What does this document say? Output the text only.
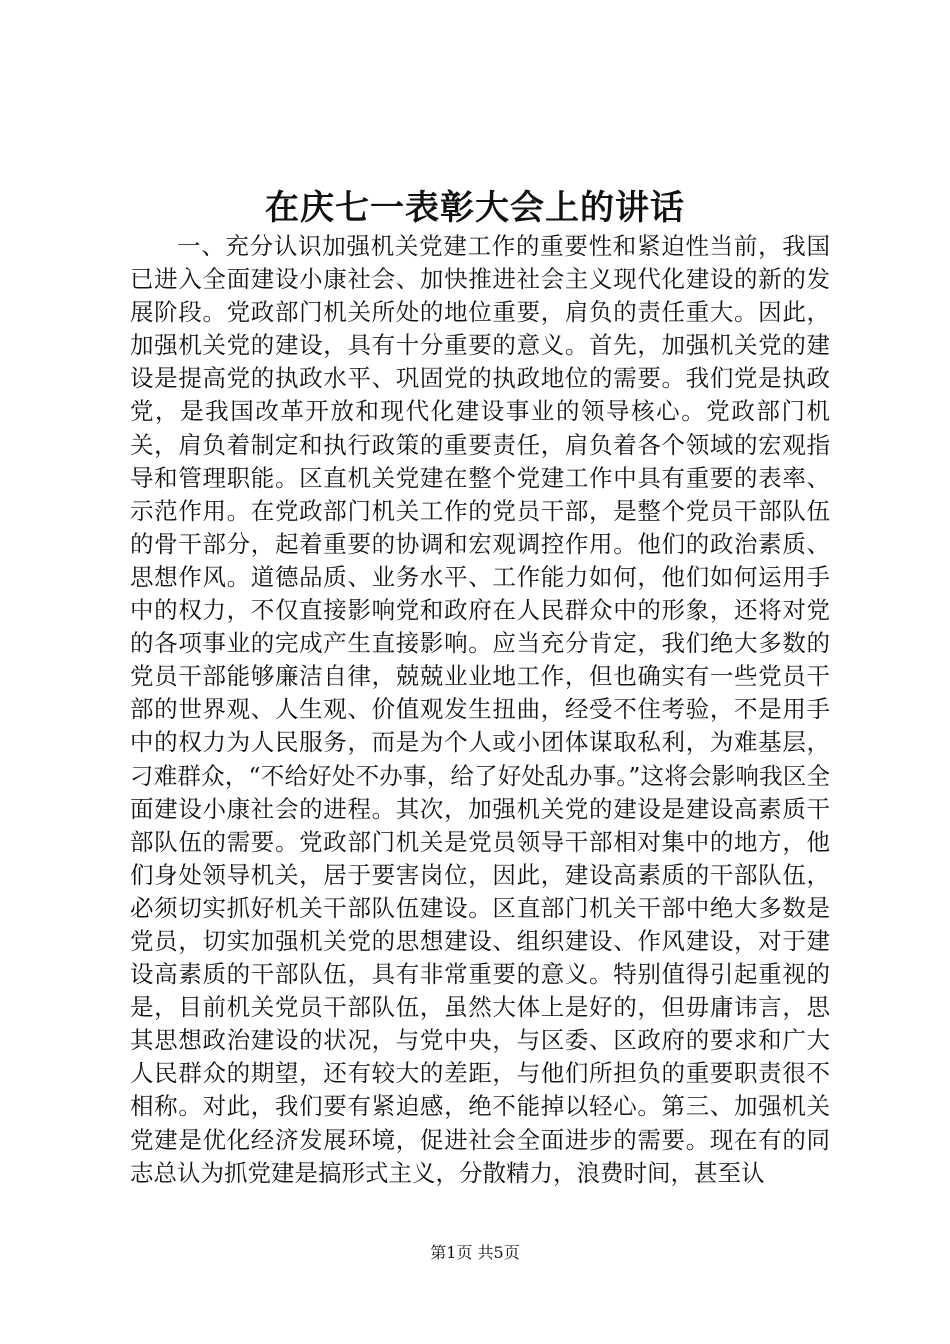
在庆七一表彰大会上的讲话

一、充分认识加强机关党建工作的重要性和紧迫性当前，我国已进入全面建设小康社会、加快推进社会主义现代化建设的新的发展阶段。党政部门机关所处的地位重要，肩负的责任重大。因此，加强机关党的建设，具有十分重要的意义。首先，加强机关党的建设是提高党的执政水平、巩固党的执政地位的需要。我们党是执政党，是我国改革开放和现代化建设事业的领导核心。党政部门机关，肩负着制定和执行政策的重要责任，肩负着各个领域的宏观指导和管理职能。区直机关党建在整个党建工作中具有重要的表率、示范作用。在党政部门机关工作的党员干部，是整个党员干部队伍的骨干部分，起着重要的协调和宏观调控作用。他们的政治素质、思想作风。道德品质、业务水平、工作能力如何，他们如何运用手中的权力，不仅直接影响党和政府在人民群众中的形象，还将对党的各项事业的完成产生直接影响。应当充分肯定，我们绝大多数的党员干部能够廉洁自律，兢兢业业地工作，但也确实有一些党员干部的世界观、人生观、价值观发生扭曲，经受不住考验，不是用手中的权力为人民服务，而是为个人或小团体谋取私利，为难基层，刁难群众，“不给好处不办事，给了好处乱办事。”这将会影响我区全面建设小康社会的进程。其次，加强机关党的建设是建设高素质干部队伍的需要。党政部门机关是党员领导干部相对集中的地方，他们身处领导机关，居于要害岗位，因此，建设高素质的干部队伍，必须切实抓好机关干部队伍建设。区直部门机关干部中绝大多数是党员，切实加强机关党的思想建设、组织建设、作风建设，对于建设高素质的干部队伍，具有非常重要的意义。特别值得引起重视的是，目前机关党员干部队伍，虽然大体上是好的，但毋庸讳言，思其思想政治建设的状况，与党中央，与区委、区政府的要求和广大人民群众的期望，还有较大的差距，与他们所担负的重要职责很不相称。对此，我们要有紧迫感，绝不能掉以轻心。第三、加强机关党建是优化经济发展环境，促进社会全面进步的需要。现在有的同志总认为抓党建是搞形式主义，分散精力，浪费时间，甚至认

第1页 共5页
